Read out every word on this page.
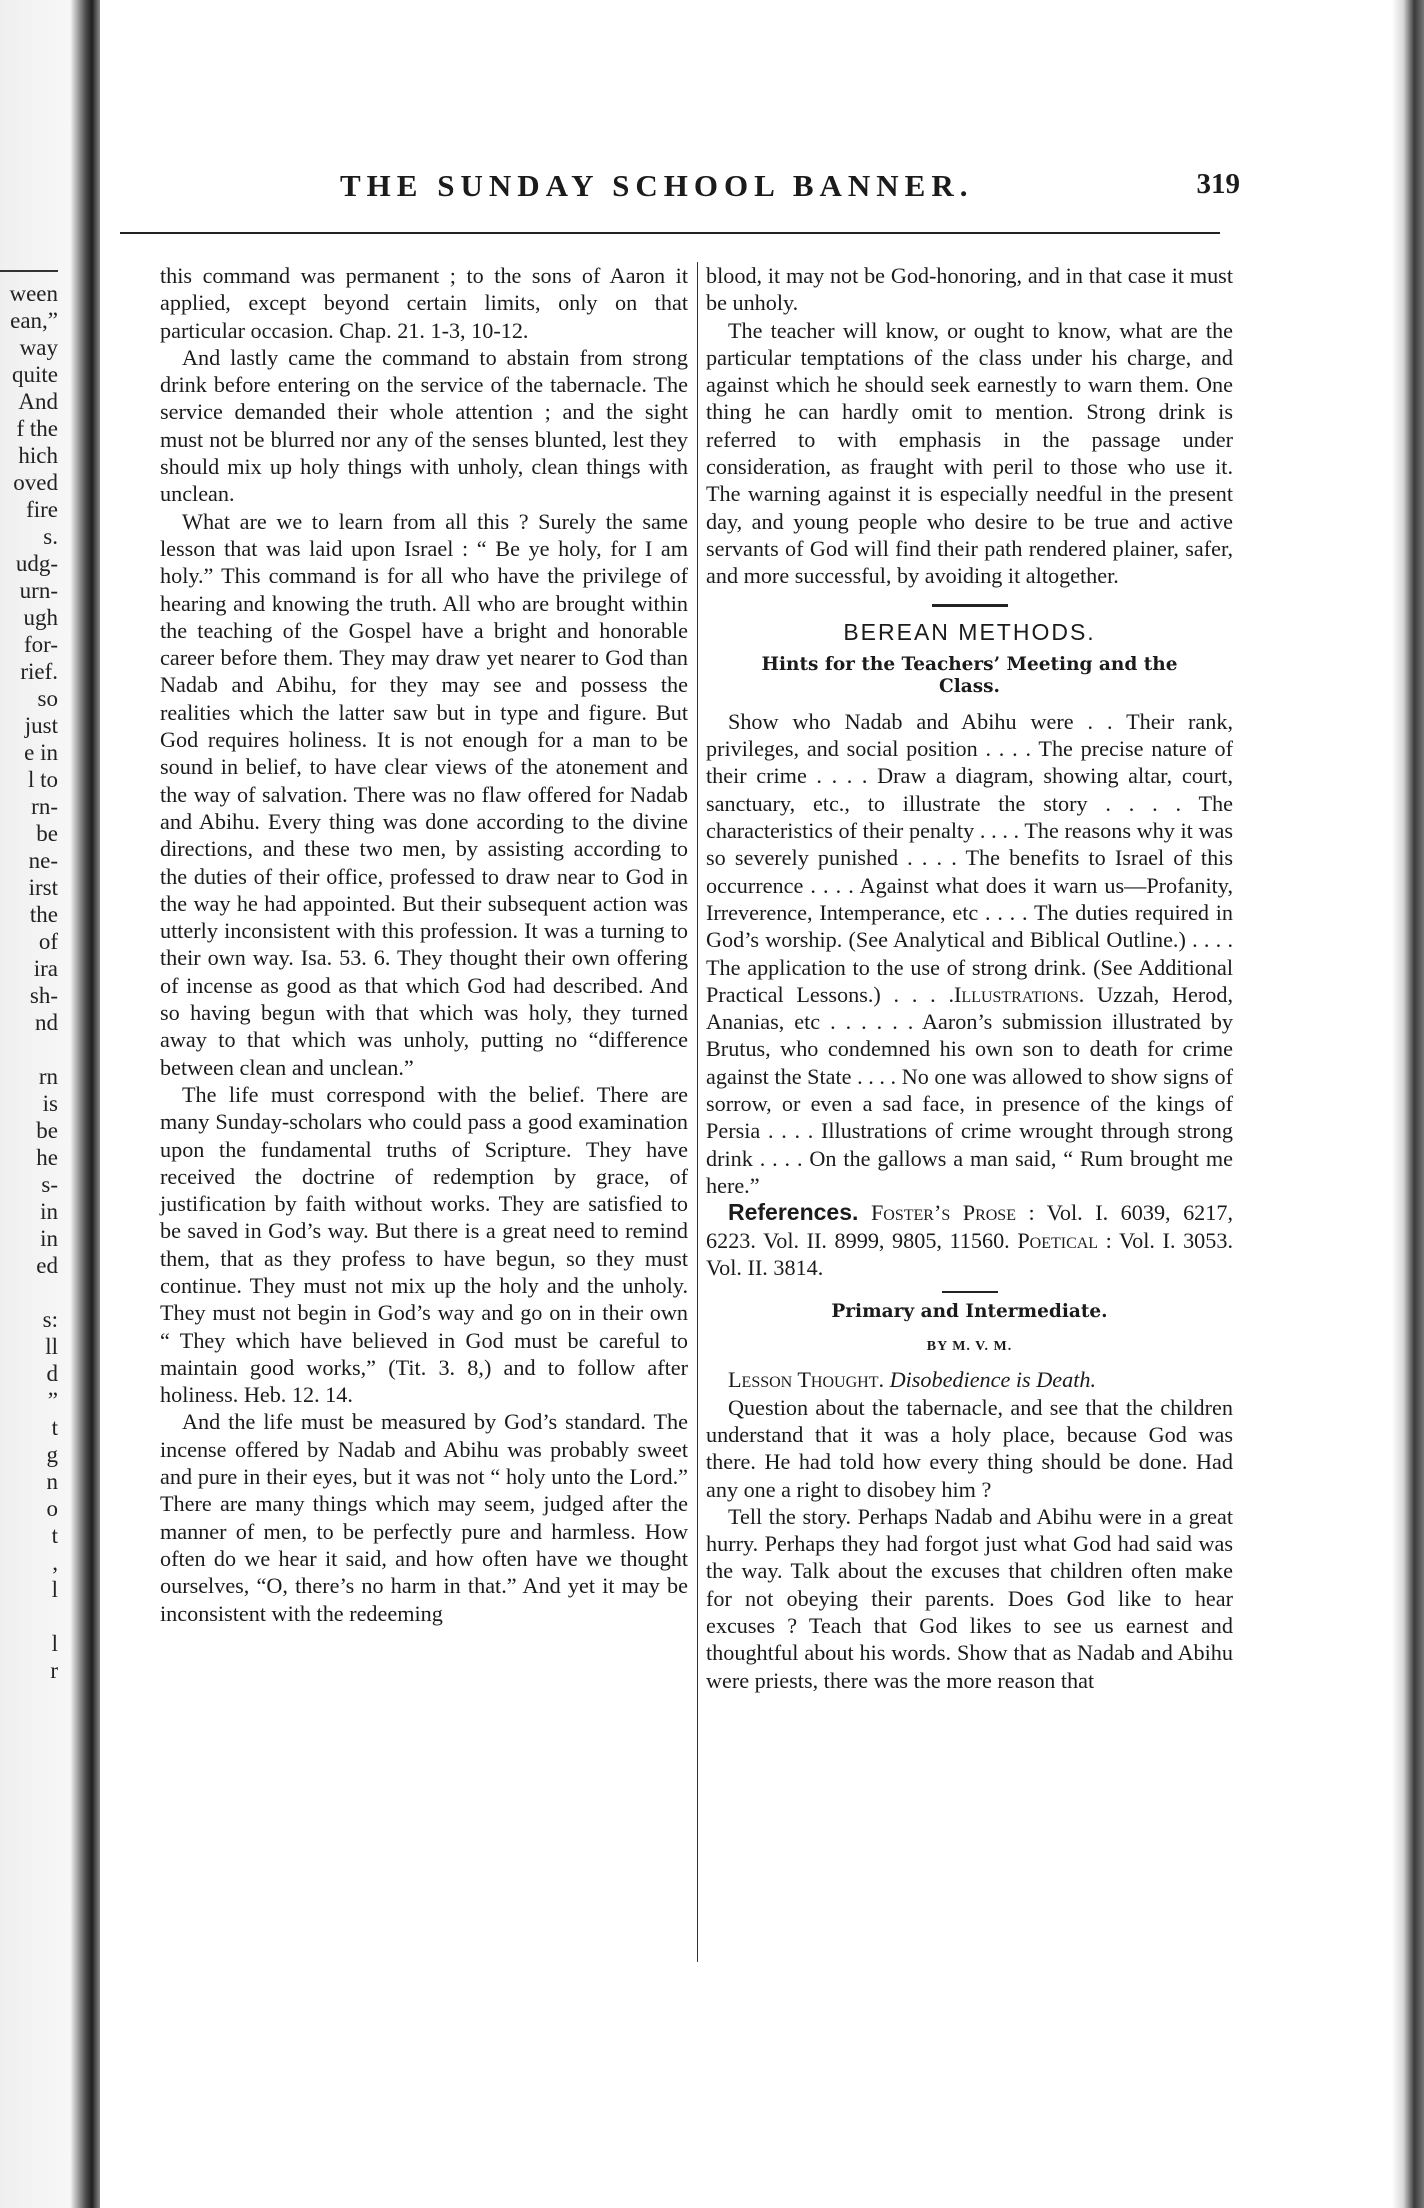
ween
ean,”
way
quite
And
f the
hich
oved
fire
s.
udg-
urn-
ugh
for-
rief.
so
just
e in
l to
rn-
be
ne-
irst
the
of
ira
sh-
nd

rn
is
be
he
s-
in
in
ed

s:
ll
d
”
t
g
n
o
t
,
l

l
r
THE SUNDAY SCHOOL BANNER.	319

this command was permanent ; to the sons of Aaron it applied, except beyond certain limits, only on that particular occasion. Chap. 21. 1-3, 10-12.

And lastly came the command to abstain from strong drink before entering on the service of the tabernacle. The service demanded their whole attention ; and the sight must not be blurred nor any of the senses blunted, lest they should mix up holy things with unholy, clean things with unclean.

What are we to learn from all this ? Surely the same lesson that was laid upon Israel : “ Be ye holy, for I am holy.” This command is for all who have the privilege of hearing and knowing the truth. All who are brought within the teaching of the Gospel have a bright and honorable career before them. They may draw yet nearer to God than Nadab and Abihu, for they may see and possess the realities which the latter saw but in type and figure. But God requires holiness. It is not enough for a man to be sound in belief, to have clear views of the atonement and the way of salvation. There was no flaw offered for Nadab and Abihu. Every thing was done according to the divine directions, and these two men, by assisting according to the duties of their office, professed to draw near to God in the way he had appointed. But their subsequent action was utterly inconsistent with this profession. It was a turning to their own way. Isa. 53. 6. They thought their own offering of incense as good as that which God had described. And so having begun with that which was holy, they turned away to that which was unholy, putting no “difference between clean and unclean.”

The life must correspond with the belief. There are many Sunday-scholars who could pass a good examination upon the fundamental truths of Scripture. They have received the doctrine of redemption by grace, of justification by faith without works. They are satisfied to be saved in God’s way. But there is a great need to remind them, that as they profess to have begun, so they must continue. They must not mix up the holy and the unholy. They must not begin in God’s way and go on in their own “ They which have believed in God must be careful to maintain good works,” (Tit. 3. 8,) and to follow after holiness. Heb. 12. 14.

And the life must be measured by God’s standard. The incense offered by Nadab and Abihu was probably sweet and pure in their eyes, but it was not “ holy unto the Lord.” There are many things which may seem, judged after the manner of men, to be perfectly pure and harmless. How often do we hear it said, and how often have we thought ourselves, “O, there’s no harm in that.” And yet it may be inconsistent with the redeeming

blood, it may not be God-honoring, and in that case it must be unholy.

The teacher will know, or ought to know, what are the particular temptations of the class under his charge, and against which he should seek earnestly to warn them. One thing he can hardly omit to mention. Strong drink is referred to with emphasis in the passage under consideration, as fraught with peril to those who use it. The warning against it is especially needful in the present day, and young people who desire to be true and active servants of God will find their path rendered plainer, safer, and more successful, by avoiding it altogether.

BEREAN METHODS.
Hints for the Teachers’ Meeting and the Class.

Show who Nadab and Abihu were . . Their rank, privileges, and social position . . . . The precise nature of their crime . . . . Draw a diagram, showing altar, court, sanctuary, etc., to illustrate the story . . . . The characteristics of their penalty . . . . The reasons why it was so severely punished . . . . The benefits to Israel of this occurrence . . . . Against what does it warn us—Profanity, Irreverence, Intemperance, etc . . . . The duties required in God’s worship. (See Analytical and Biblical Outline.) . . . . The application to the use of strong drink. (See Additional Practical Lessons.) . . . .Illustrations. Uzzah, Herod, Ananias, etc . . . . . . Aaron’s submission illustrated by Brutus, who condemned his own son to death for crime against the State . . . . No one was allowed to show signs of sorrow, or even a sad face, in presence of the kings of Persia . . . . Illustrations of crime wrought through strong drink . . . . On the gallows a man said, “ Rum brought me here.”

References. Foster’s Prose : Vol. I. 6039, 6217, 6223. Vol. II. 8999, 9805, 11560. Poetical : Vol. I. 3053. Vol. II. 3814.

Primary and Intermediate.
BY M. V. M.

Lesson Thought. Disobedience is Death.

Question about the tabernacle, and see that the children understand that it was a holy place, because God was there. He had told how every thing should be done. Had any one a right to disobey him ?

Tell the story. Perhaps Nadab and Abihu were in a great hurry. Perhaps they had forgot just what God had said was the way. Talk about the excuses that children often make for not obeying their parents. Does God like to hear excuses ? Teach that God likes to see us earnest and thoughtful about his words. Show that as Nadab and Abihu were priests, there was the more reason that
